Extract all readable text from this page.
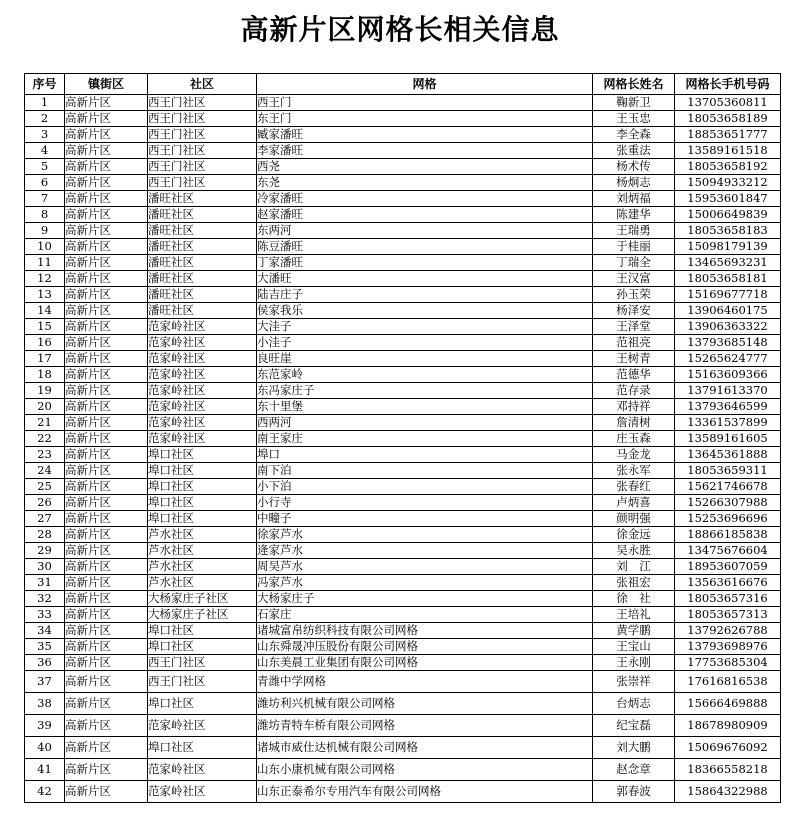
高新片区网格长相关信息
序号	镇街区	社区	网格	网格长姓名	网格长手机号码
1	高新片区	西王门社区	西王门	鞠新卫	13705360811
2	高新片区	西王门社区	东王门	王玉忠	18053658189
3	高新片区	西王门社区	臧家潘旺	李全森	18853651777
4	高新片区	西王门社区	李家潘旺	张重法	13589161518
5	高新片区	西王门社区	西尧	杨术传	18053658192
6	高新片区	西王门社区	东尧	杨炯志	15094933212
7	高新片区	潘旺社区	冷家潘旺	刘炳福	15953601847
8	高新片区	潘旺社区	赵家潘旺	陈建华	15006649839
9	高新片区	潘旺社区	东两河	王瑞勇	18053658183
10	高新片区	潘旺社区	陈豆潘旺	于桂丽	15098179139
11	高新片区	潘旺社区	丁家潘旺	丁瑞全	13465693231
12	高新片区	潘旺社区	大潘旺	王汉富	18053658181
13	高新片区	潘旺社区	陆吉庄子	孙玉荣	15169677718
14	高新片区	潘旺社区	侯家我乐	杨泽安	13906460175
15	高新片区	范家岭社区	大洼子	王泽堂	13906363322
16	高新片区	范家岭社区	小洼子	范祖亮	13793685148
17	高新片区	范家岭社区	良旺崖	王树青	15265624777
18	高新片区	范家岭社区	东范家岭	范德华	15163609366
19	高新片区	范家岭社区	东冯家庄子	范存录	13791613370
20	高新片区	范家岭社区	东十里堡	邓持祥	13793646599
21	高新片区	范家岭社区	西两河	詹清树	13361537899
22	高新片区	范家岭社区	南王家庄	庄玉森	13589161605
23	高新片区	埠口社区	埠口	马金龙	13645361888
24	高新片区	埠口社区	南下泊	张永军	18053659311
25	高新片区	埠口社区	小下泊	张春红	15621746678
26	高新片区	埠口社区	小行寺	卢炳喜	15266307988
27	高新片区	埠口社区	中疃子	颜明强	15253696696
28	高新片区	芦水社区	徐家芦水	徐金远	18866185838
29	高新片区	芦水社区	逄家芦水	吴永胜	13475676604
30	高新片区	芦水社区	周吴芦水	刘　江	18953607059
31	高新片区	芦水社区	冯家芦水	张祖宏	13563616676
32	高新片区	大杨家庄子社区	大杨家庄子	徐　社	18053657316
33	高新片区	大杨家庄子社区	石家庄	王培礼	18053657313
34	高新片区	埠口社区	诸城富帛纺织科技有限公司网格	黄学鹏	13792626788
35	高新片区	埠口社区	山东舜晟冲压股份有限公司网格	王宝山	13793698976
36	高新片区	西王门社区	山东美晨工业集团有限公司网格	王永刚	17753685304
37	高新片区	西王门社区	青潍中学网格	张崇祥	17616816538
38	高新片区	埠口社区	潍坊利兴机械有限公司网格	台炳志	15666469888
39	高新片区	范家岭社区	潍坊青特车桥有限公司网格	纪宝磊	18678980909
40	高新片区	埠口社区	诸城市威仕达机械有限公司网格	刘大鹏	15069676092
41	高新片区	范家岭社区	山东小康机械有限公司网格	赵念章	18366558218
42	高新片区	范家岭社区	山东正泰希尔专用汽车有限公司网格	郭春波	15864322988
